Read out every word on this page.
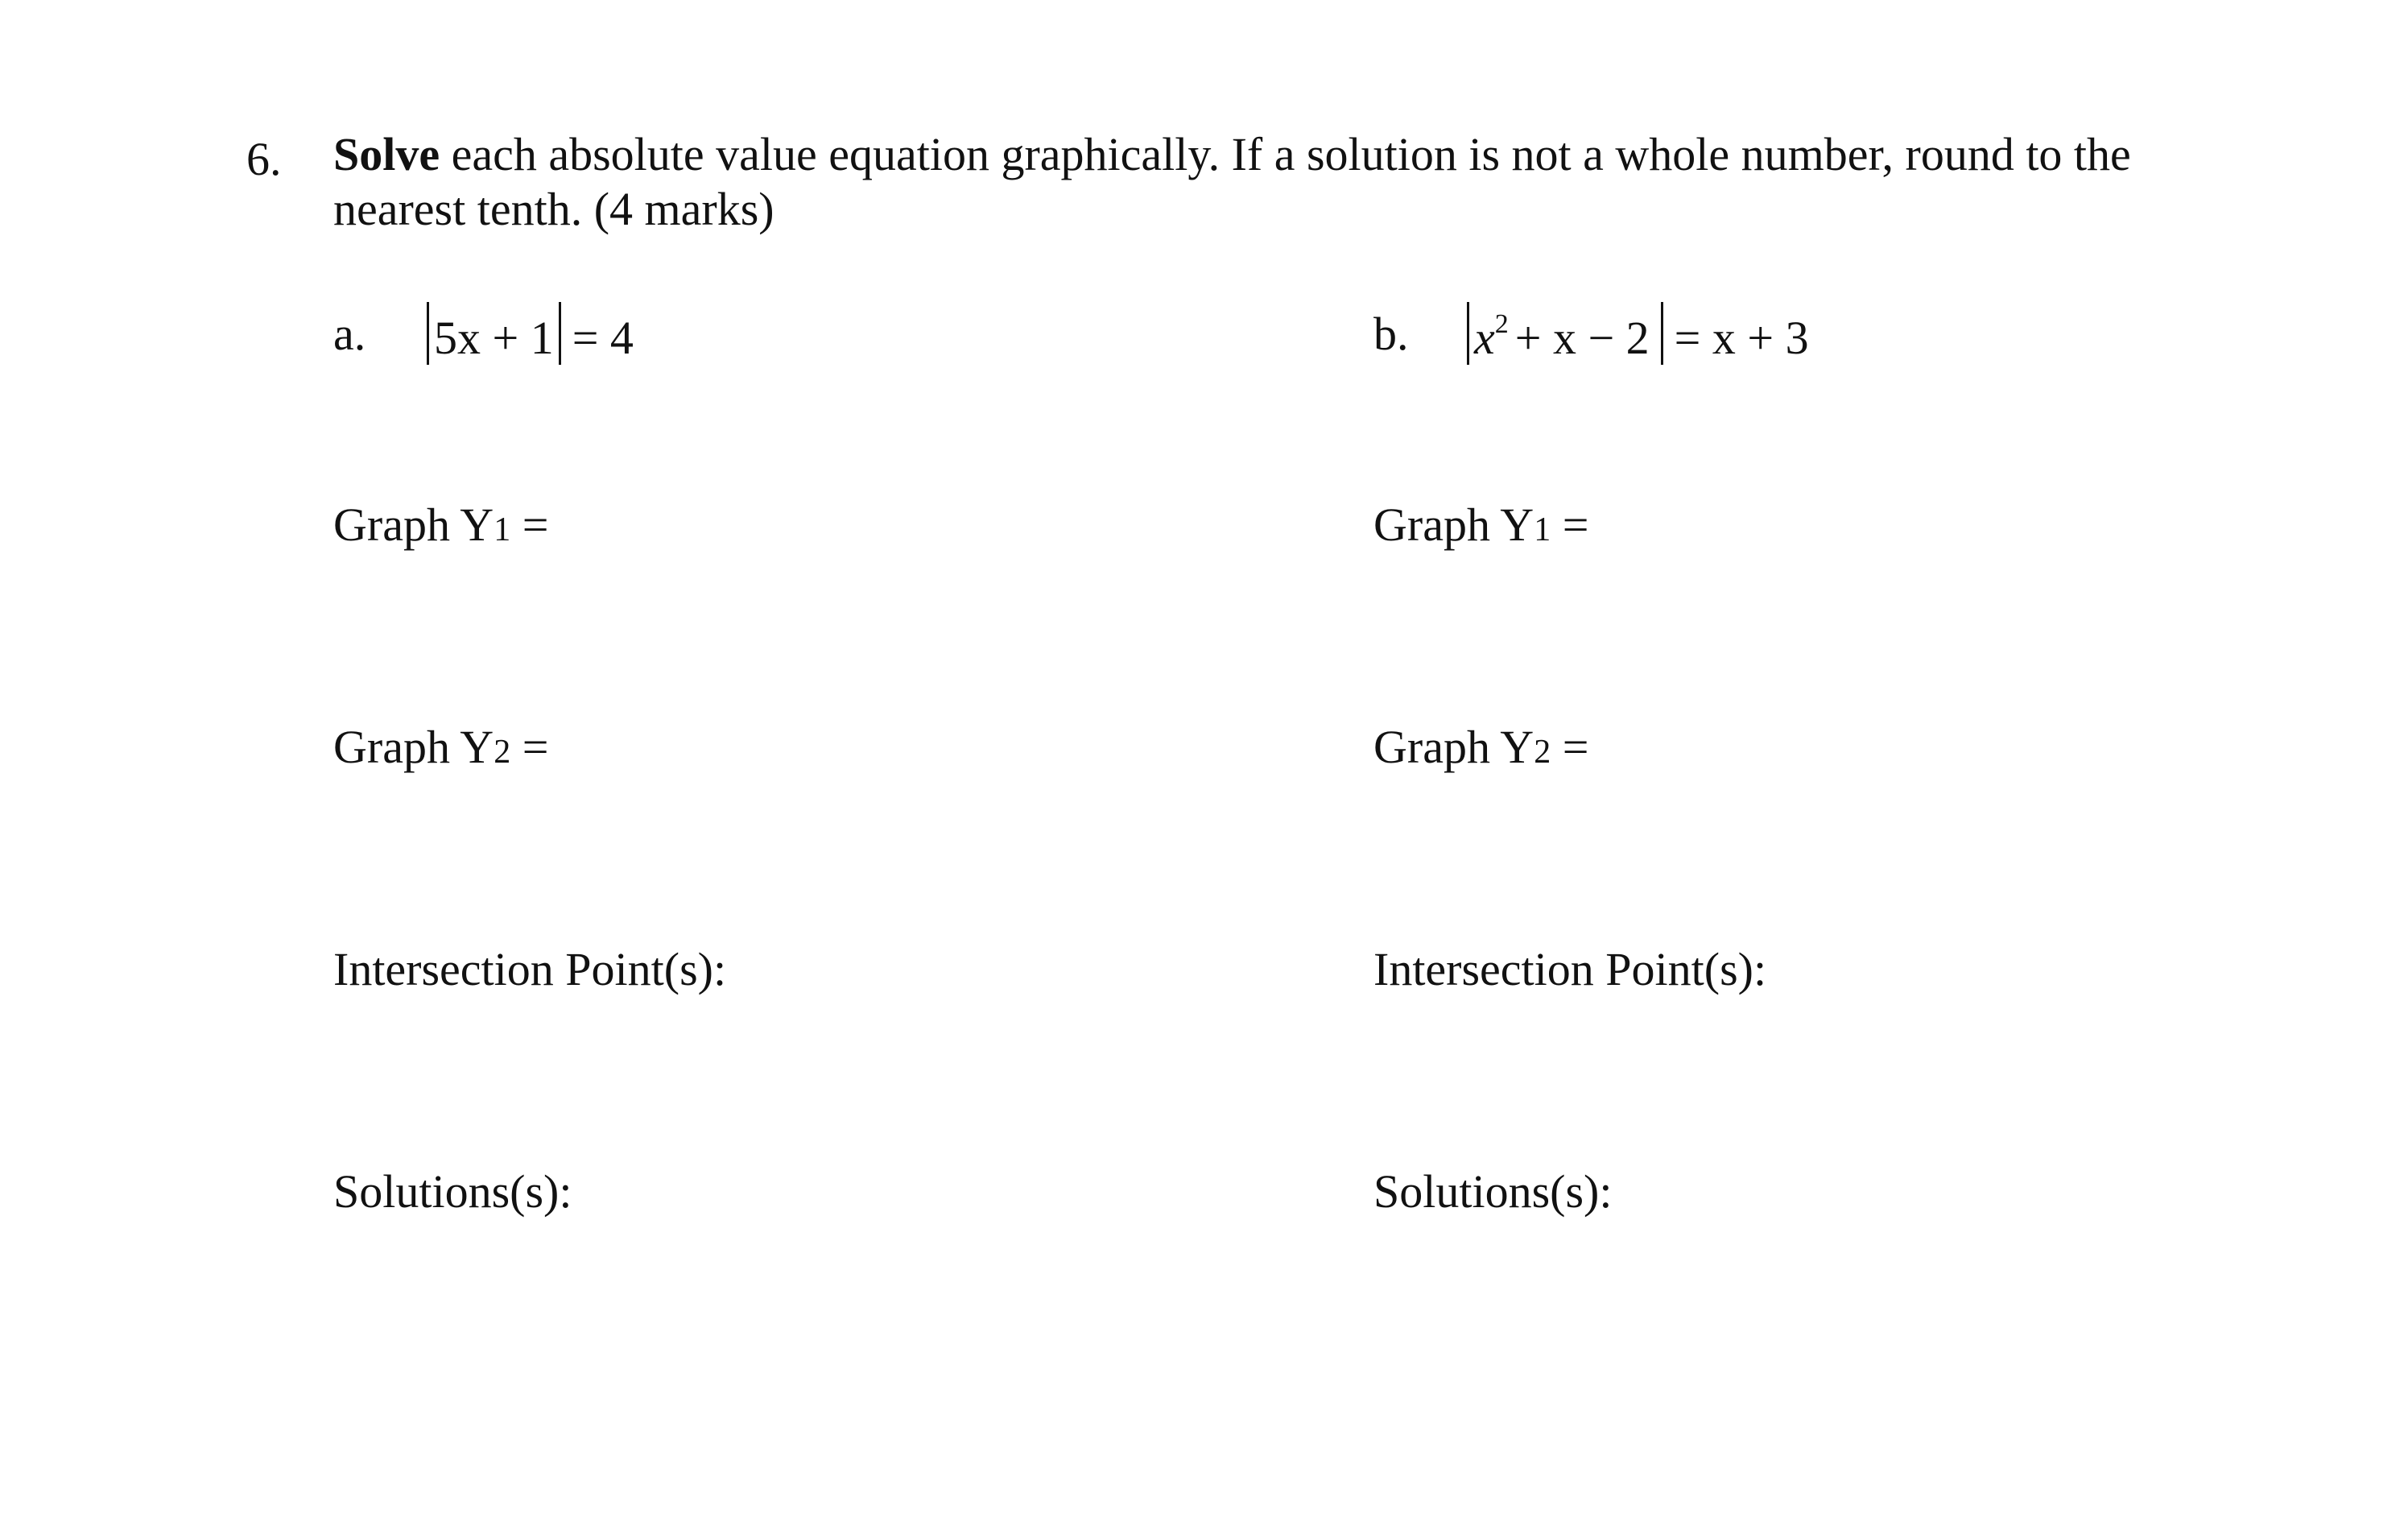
6. Solve each absolute value equation graphically. If a solution is not a whole number, round to the
nearest tenth. (4 marks)
a. 5x + 1 = 4
Graph Y1 =
Graph Y2 =
Intersection Point(s):
Solutions(s):
b. $x^2 + x - 2 = x + 3$
Graph Y1 =
Graph Y2 =
Intersection Point(s):
Solutions(s):
